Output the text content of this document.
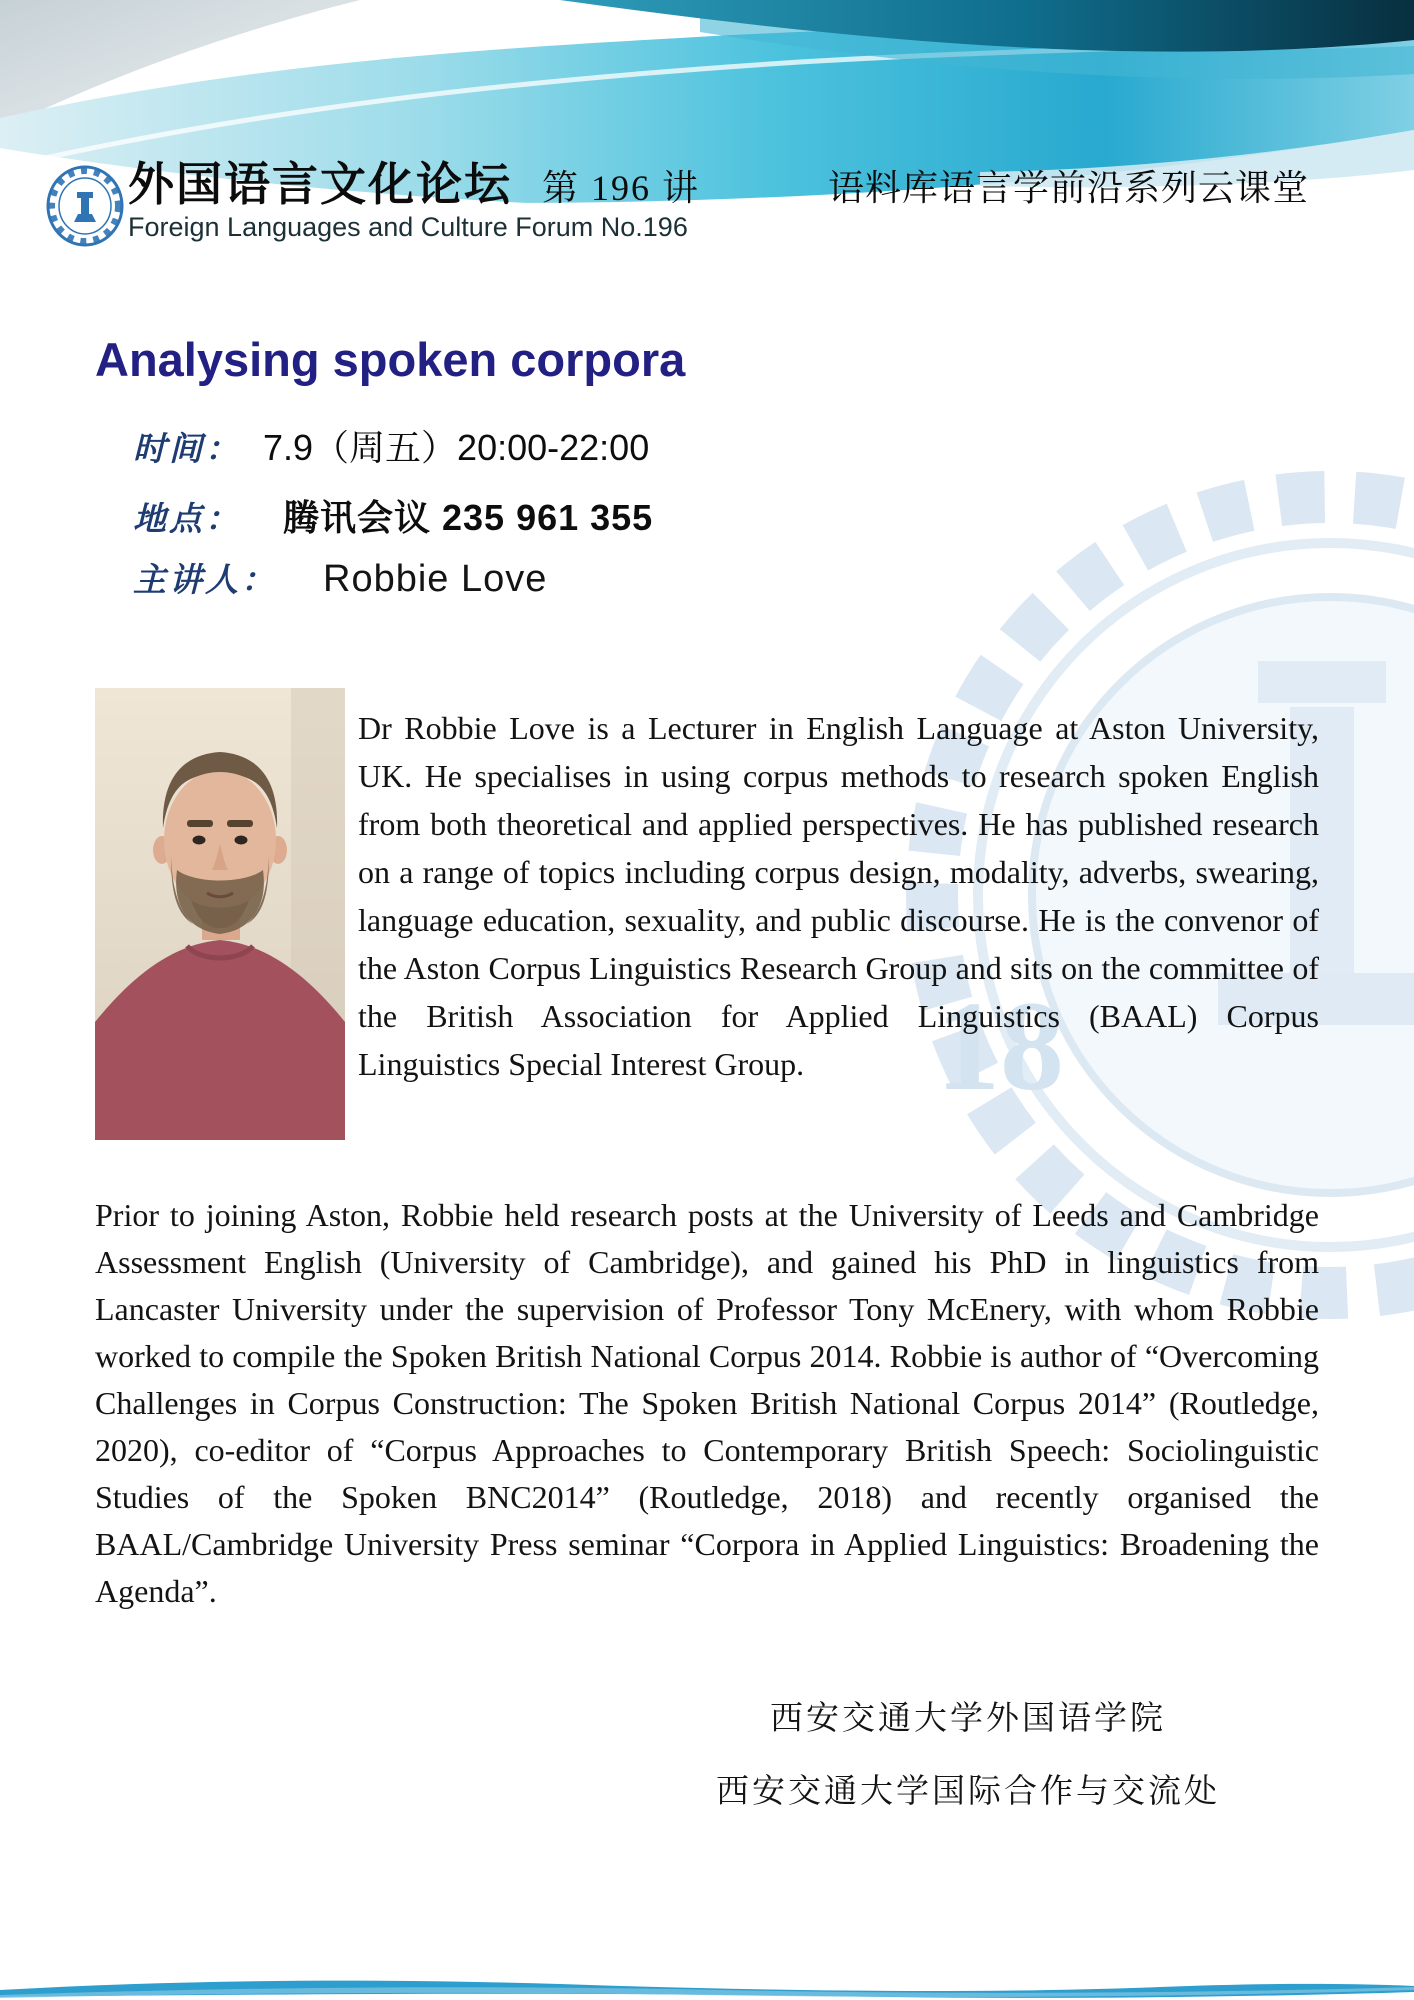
18
外国语言文化论坛 第 196 讲	语料库语言学前沿系列云课堂
Foreign Languages and Culture Forum No.196
Analysing spoken corpora
时间： 7.9（周五）20:00-22:00
地点： 腾讯会议 235 961 355
主讲人： Robbie Love

Dr Robbie Love is a Lecturer in English Language at Aston University, UK. He specialises in using corpus methods to research spoken English from both theoretical and applied perspectives. He has published research on a range of topics including corpus design, modality, adverbs, swearing, language education, sexuality, and public discourse. He is the convenor of the Aston Corpus Linguistics Research Group and sits on the committee of the British Association for Applied Linguistics (BAAL) Corpus Linguistics Special Interest Group.

Prior to joining Aston, Robbie held research posts at the University of Leeds and Cambridge Assessment English (University of Cambridge), and gained his PhD in linguistics from Lancaster University under the supervision of Professor Tony McEnery, with whom Robbie worked to compile the Spoken British National Corpus 2014. Robbie is author of “Overcoming Challenges in Corpus Construction: The Spoken British National Corpus 2014” (Routledge, 2020), co-editor of “Corpus Approaches to Contemporary British Speech: Sociolinguistic Studies of the Spoken BNC2014” (Routledge, 2018) and recently organised the BAAL/Cambridge University Press seminar “Corpora in Applied Linguistics: Broadening the Agenda”.

西安交通大学外国语学院
西安交通大学国际合作与交流处
